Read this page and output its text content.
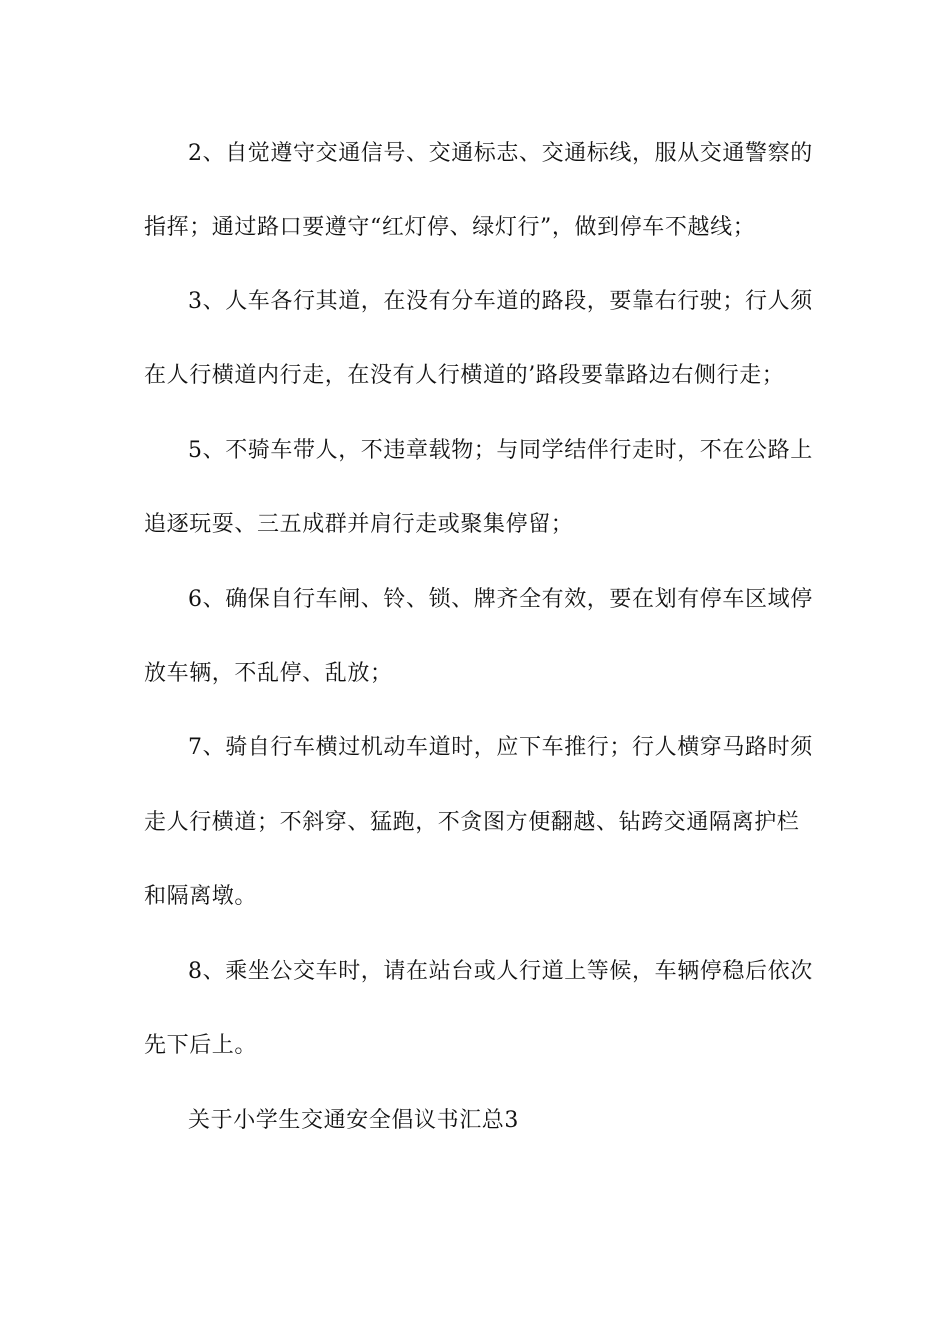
2、自觉遵守交通信号、交通标志、交通标线，服从交通警察的
指挥；通过路口要遵守“红灯停、绿灯行”，做到停车不越线；
3、人车各行其道，在没有分车道的路段，要靠右行驶；行人须
在人行横道内行走，在没有人行横道的’路段要靠路边右侧行走；
5、不骑车带人，不违章载物；与同学结伴行走时，不在公路上
追逐玩耍、三五成群并肩行走或聚集停留；
6、确保自行车闸、铃、锁、牌齐全有效，要在划有停车区域停
放车辆，不乱停、乱放；
7、骑自行车横过机动车道时，应下车推行；行人横穿马路时须
走人行横道；不斜穿、猛跑，不贪图方便翻越、钻跨交通隔离护栏
和隔离墩。
8、乘坐公交车时，请在站台或人行道上等候，车辆停稳后依次
先下后上。
关于小学生交通安全倡议书汇总3
